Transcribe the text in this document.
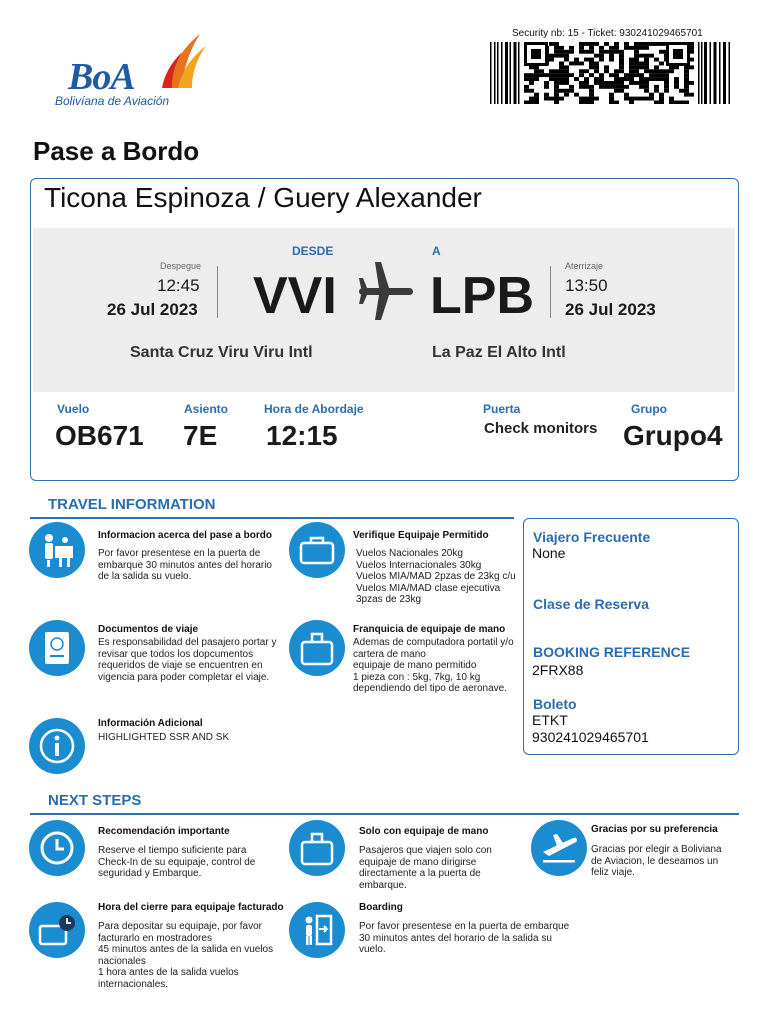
BoA
Bolivíana de Aviación
Security nb: 15 - Ticket: 930241029465701
Pase a Bordo
Ticona Espinoza / Guery Alexander
DESDE	A
Despegue
12:45
26 Jul 2023 VVI LPB
Aterrizaje
13:50
26 Jul 2023
Santa Cruz Viru Viru Intl	La Paz El Alto Intl
Vuelo
OB671
Asiento
7E
Hora de Abordaje
12:15
Puerta
Check monitors
Grupo
Grupo4
TRAVEL INFORMATION
Informacion acerca del pase a bordo
Por favor presentese en la puerta de
embarque 30 minutos antes del horario
de la salida su vuelo.
Verifique Equipaje Permitido
Vuelos Nacionales 20kg
Vuelos Internacionales 30kg
Vuelos MIA/MAD 2pzas de 23kg c/u
Vuelos MIA/MAD clase ejecutiva
3pzas de 23kg
Documentos de viaje
Es responsabilidad del pasajero portar y
revisar que todos los dopcumentos
requeridos de viaje se encuentren en
vigencia para poder completar el viaje.
Franquicia de equipaje de mano
Ademas de computadora portatil y/o
cartera de mano
equipaje de mano permitido
1 pieza con : 5kg, 7kg, 10 kg
dependiendo del tipo de aeronave.
Información Adicional
HIGHLIGHTED SSR AND SK
Viajero Frecuente
None
Clase de Reserva
BOOKING REFERENCE
2FRX88
Boleto
ETKT
930241029465701
NEXT STEPS
Recomendación importante
Reserve el tiempo suficiente para
Check-In de su equipaje, control de
seguridad y Embarque.
Solo con equipaje de mano
Pasajeros que viajen solo con
equipaje de mano dirigirse
directamente a la puerta de
embarque.
Gracias por su preferencia
Gracias por elegir a Boliviana
de Aviacion, le deseamos un
feliz viaje.
Hora del cierre para equipaje facturado
Para depositar su equipaje, por favor
facturarlo en mostradores
45 minutos antes de la salida en vuelos
nacionales
1 hora antes de la salida vuelos
internacionales.
Boarding
Por favor presentese en la puerta de embarque
30 minutos antes del horario de la salida su
vuelo.
